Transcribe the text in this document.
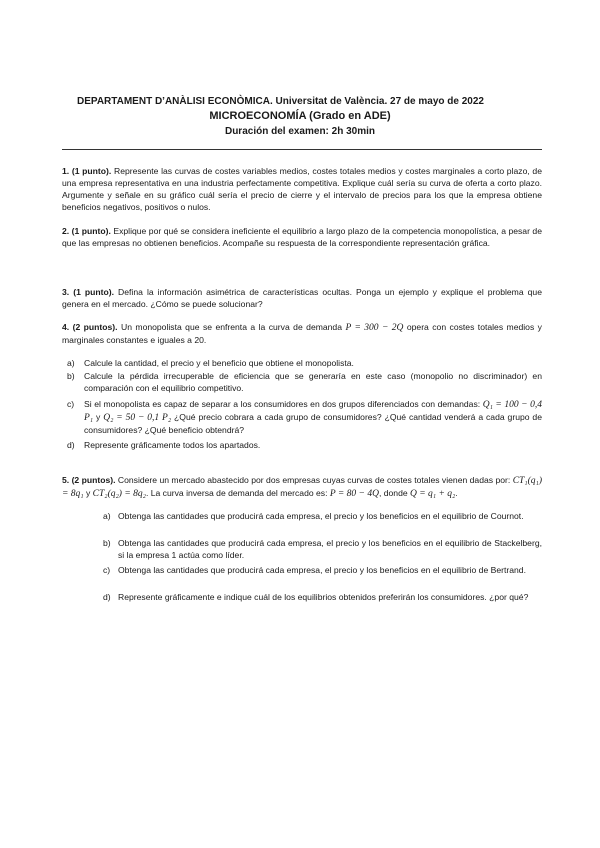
DEPARTAMENT D’ANÀLISI ECONÒMICA. Universitat de València. 27 de mayo de 2022
MICROECONOMÍA (Grado en ADE)
Duración del examen: 2h 30min
1. (1 punto). Represente las curvas de costes variables medios, costes totales medios y costes marginales a corto plazo, de una empresa representativa en una industria perfectamente competitiva. Explique cuál sería su curva de oferta a corto plazo. Argumente y señale en su gráfico cuál sería el precio de cierre y el intervalo de precios para los que la empresa obtiene beneficios negativos, positivos o nulos.
2. (1 punto). Explique por qué se considera ineficiente el equilibrio a largo plazo de la competencia monopolística, a pesar de que las empresas no obtienen beneficios. Acompañe su respuesta de la correspondiente representación gráfica.
3. (1 punto). Defina la información asimétrica de características ocultas. Ponga un ejemplo y explique el problema que genera en el mercado. ¿Cómo se puede solucionar?
4. (2 puntos). Un monopolista que se enfrenta a la curva de demanda P = 300 − 2Q opera con costes totales medios y marginales constantes e iguales a 20.
a) Calcule la cantidad, el precio y el beneficio que obtiene el monopolista.
b) Calcule la pérdida irrecuperable de eficiencia que se generaría en este caso (monopolio no discriminador) en comparación con el equilibrio competitivo.
c) Si el monopolista es capaz de separar a los consumidores en dos grupos diferenciados con demandas: Q₁ = 100 − 0,4 P₁ y Q₂ = 50 − 0,1 P₂ ¿Qué precio cobrara a cada grupo de consumidores? ¿Qué cantidad venderá a cada grupo de consumidores? ¿Qué beneficio obtendrá?
d) Represente gráficamente todos los apartados.
5. (2 puntos). Considere un mercado abastecido por dos empresas cuyas curvas de costes totales vienen dadas por: CT₁(q₁) = 8q₁ y CT₂(q₂) = 8q₂. La curva inversa de demanda del mercado es: P = 80 − 4Q, donde Q = q₁ + q₂.
a) Obtenga las cantidades que producirá cada empresa, el precio y los beneficios en el equilibrio de Cournot.
b) Obtenga las cantidades que producirá cada empresa, el precio y los beneficios en el equilibrio de Stackelberg, si la empresa 1 actúa como líder.
c) Obtenga las cantidades que producirá cada empresa, el precio y los beneficios en el equilibrio de Bertrand.
d) Represente gráficamente e indique cuál de los equilibrios obtenidos preferirán los consumidores. ¿por qué?
